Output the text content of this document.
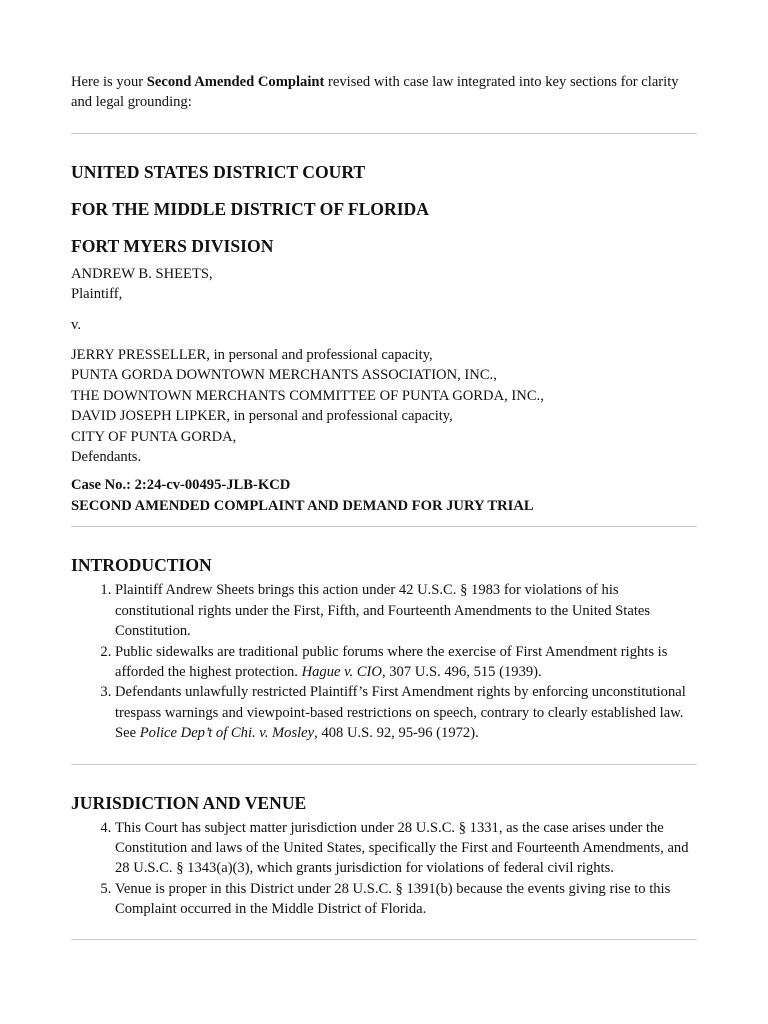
Here is your Second Amended Complaint revised with case law integrated into key sections for clarity and legal grounding:

UNITED STATES DISTRICT COURT
FOR THE MIDDLE DISTRICT OF FLORIDA
FORT MYERS DIVISION
ANDREW B. SHEETS,
Plaintiff,
v.
JERRY PRESSELLER, in personal and professional capacity,
PUNTA GORDA DOWNTOWN MERCHANTS ASSOCIATION, INC.,
THE DOWNTOWN MERCHANTS COMMITTEE OF PUNTA GORDA, INC.,
DAVID JOSEPH LIPKER, in personal and professional capacity,
CITY OF PUNTA GORDA,
Defendants.
Case No.: 2:24-cv-00495-JLB-KCD
SECOND AMENDED COMPLAINT AND DEMAND FOR JURY TRIAL
INTRODUCTION
1. Plaintiff Andrew Sheets brings this action under 42 U.S.C. § 1983 for violations of his constitutional rights under the First, Fifth, and Fourteenth Amendments to the United States Constitution.
2. Public sidewalks are traditional public forums where the exercise of First Amendment rights is afforded the highest protection. Hague v. CIO, 307 U.S. 496, 515 (1939).
3. Defendants unlawfully restricted Plaintiff’s First Amendment rights by enforcing unconstitutional trespass warnings and viewpoint-based restrictions on speech, contrary to clearly established law. See Police Dep’t of Chi. v. Mosley, 408 U.S. 92, 95-96 (1972).
JURISDICTION AND VENUE
4. This Court has subject matter jurisdiction under 28 U.S.C. § 1331, as the case arises under the Constitution and laws of the United States, specifically the First and Fourteenth Amendments, and 28 U.S.C. § 1343(a)(3), which grants jurisdiction for violations of federal civil rights.
5. Venue is proper in this District under 28 U.S.C. § 1391(b) because the events giving rise to this Complaint occurred in the Middle District of Florida.
